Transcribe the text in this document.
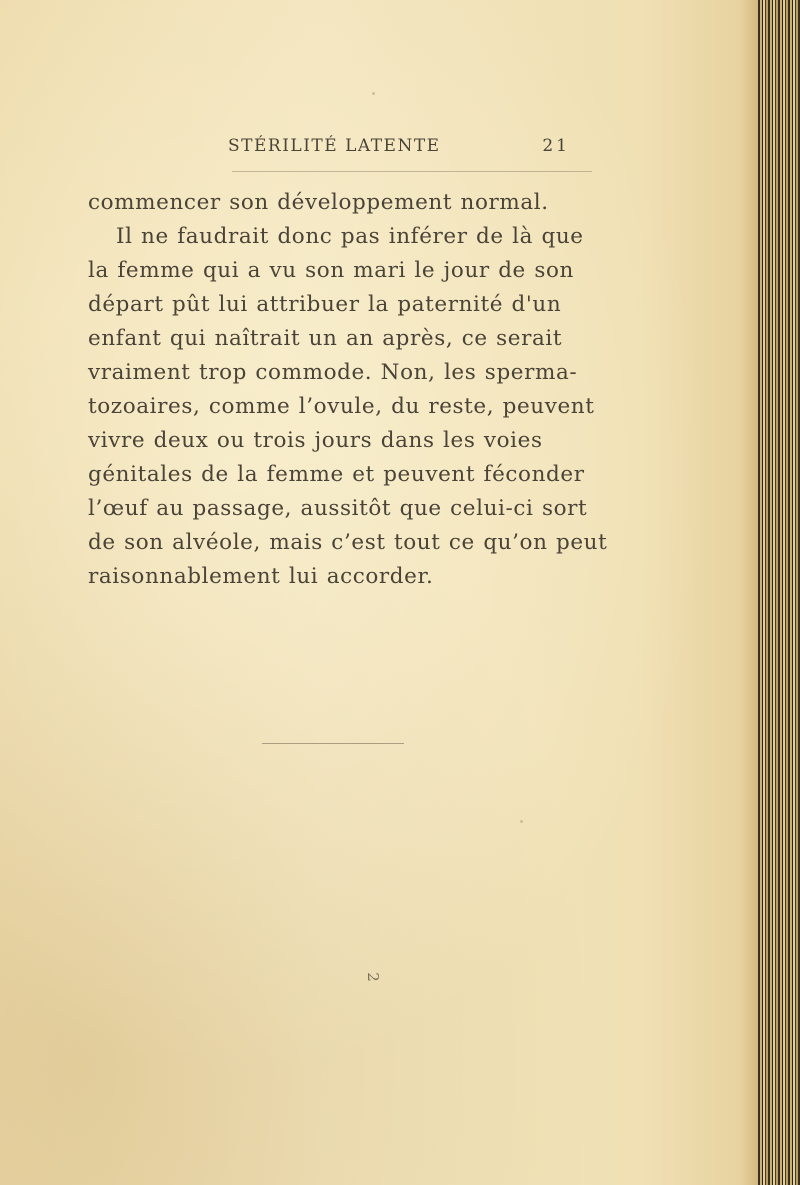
STÉRILITÉ LATENTE	21
commencer son développement normal.
Il ne faudrait donc pas inférer de là que
la femme qui a vu son mari le jour de son
départ pût lui attribuer la paternité d'un
enfant qui naîtrait un an après, ce serait
vraiment trop commode. Non, les sperma-
tozoaires, comme l’ovule, du reste, peuvent
vivre deux ou trois jours dans les voies
génitales de la femme et peuvent féconder
l’œuf au passage, aussitôt que celui-ci sort
de son alvéole, mais c’est tout ce qu’on peut
raisonnablement lui accorder.
2
